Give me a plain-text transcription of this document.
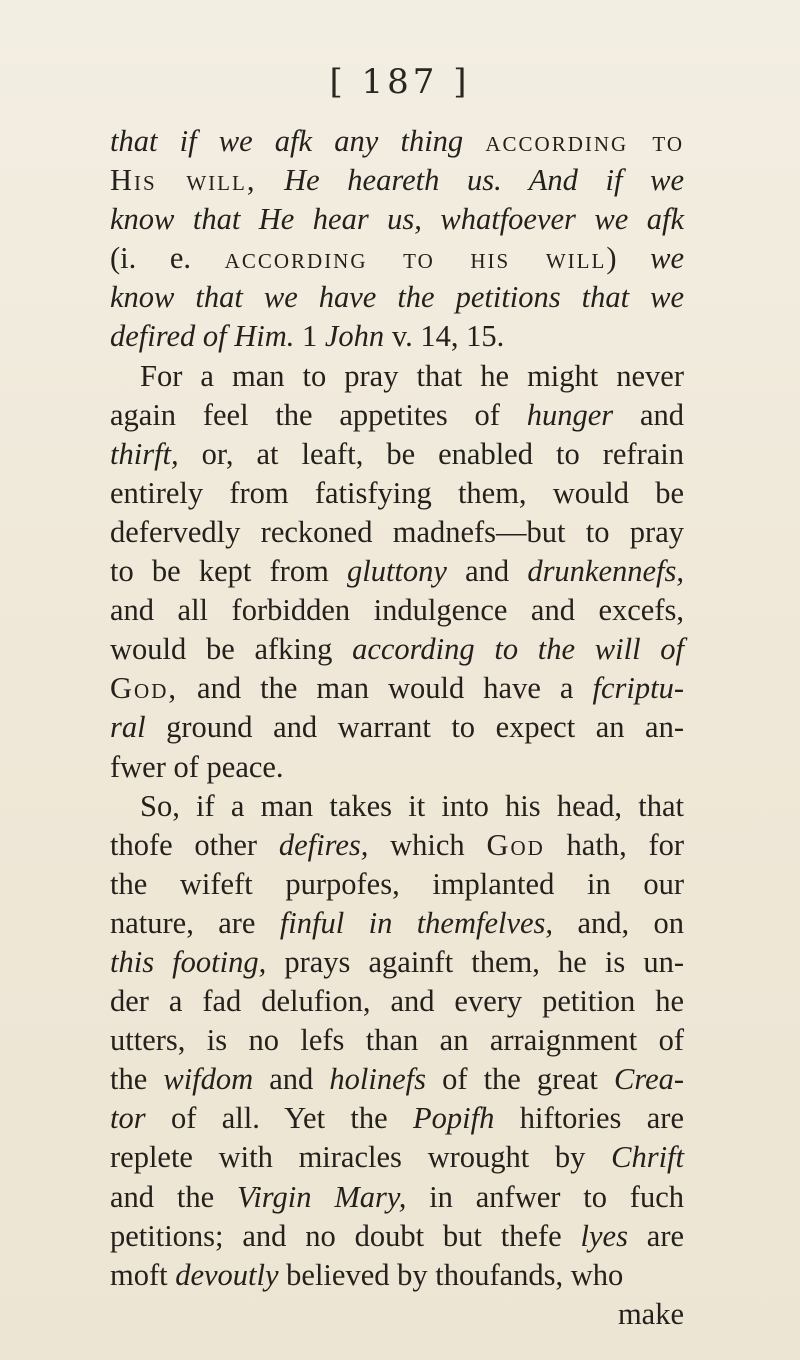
[ 187 ]
that if we afk any thing according to
His will, He heareth us. And if we
know that He hear us, whatfoever we afk
(i. e. according to his will) we
know that we have the petitions that we
defired of Him. 1 John v. 14, 15.
For a man to pray that he might never
again feel the appetites of hunger and
thirft, or, at leaft, be enabled to refrain
entirely from fatisfying them, would be
defervedly reckoned madnefs—but to pray
to be kept from gluttony and drunkennefs,
and all forbidden indulgence and excefs,
would be afking according to the will of
God, and the man would have a fcriptu-
ral ground and warrant to expect an an-
fwer of peace.
So, if a man takes it into his head, that
thofe other defires, which God hath, for
the wifeft purpofes, implanted in our
nature, are finful in themfelves, and, on
this footing, prays againft them, he is un-
der a fad delufion, and every petition he
utters, is no lefs than an arraignment of
the wifdom and holinefs of the great Crea-
tor of all. Yet the Popifh hiftories are
replete with miracles wrought by Chrift
and the Virgin Mary, in anfwer to fuch
petitions; and no doubt but thefe lyes are
moft devoutly believed by thoufands, who
make
